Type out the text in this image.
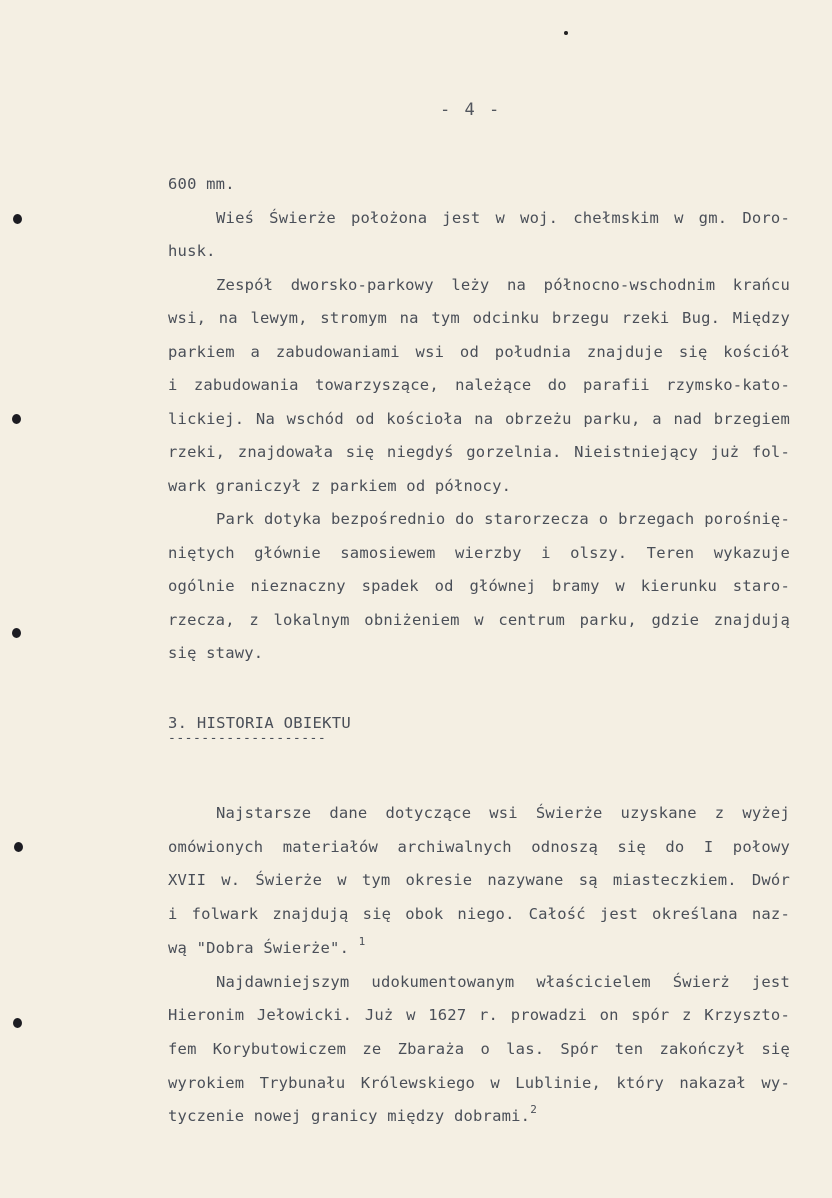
- 4 -
600 mm.
Wieś Świerże położona jest w woj. chełmskim w gm. Doro-
husk.
Zespół dworsko-parkowy leży na północno-wschodnim krańcu
wsi, na lewym, stromym na tym odcinku brzegu rzeki Bug. Między
parkiem a zabudowaniami wsi od południa znajduje się kościół
i zabudowania towarzyszące, należące do parafii rzymsko-kato-
lickiej. Na wschód od kościoła na obrzeżu parku, a nad brzegiem
rzeki, znajdowała się niegdyś gorzelnia. Nieistniejący już fol-
wark graniczył z parkiem od północy.
Park dotyka bezpośrednio do starorzecza o brzegach porośnię-
niętych głównie samosiewem wierzby i olszy. Teren wykazuje
ogólnie nieznaczny spadek od głównej bramy w kierunku staro-
rzecza, z lokalnym obniżeniem w centrum parku, gdzie znajdują
się stawy.
3. HISTORIA OBIEKTU
-------------------
Najstarsze dane dotyczące wsi Świerże uzyskane z wyżej
omówionych materiałów archiwalnych odnoszą się do I połowy
XVII w. Świerże w tym okresie nazywane są miasteczkiem. Dwór
i folwark znajdują się obok niego. Całość jest określana naz-
wą "Dobra Świerże". $^1$
Najdawniejszym udokumentowanym właścicielem Świerż jest
Hieronim Jełowicki. Już w 1627 r. prowadzi on spór z Krzyszto-
fem Korybutowiczem ze Zbaraża o las. Spór ten zakończył się
wyrokiem Trybunału Królewskiego w Lublinie, który nakazał wy-
tyczenie nowej granicy między dobrami.$^2$
